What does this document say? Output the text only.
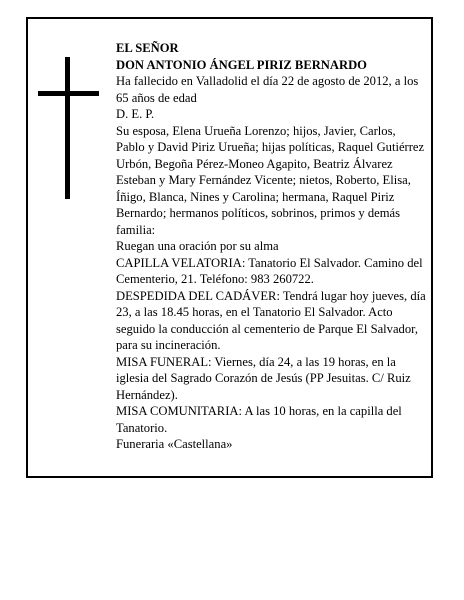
EL SEÑOR

DON ANTONIO ÁNGEL PIRIZ BERNARDO

Ha fallecido en Valladolid el día 22 de agosto de 2012, a los 65 años de edad

D. E. P.

Su esposa, Elena Urueña Lorenzo; hijos, Javier, Carlos, Pablo y David Piriz Urueña; hijas políticas, Raquel Gutiérrez Urbón, Begoña Pérez-Moneo Agapito, Beatriz Álvarez Esteban y Mary Fernández Vicente; nietos, Roberto, Elisa, Íñigo, Blanca, Nines y Carolina; hermana, Raquel Piriz Bernardo; hermanos políticos, sobrinos, primos y demás familia:

Ruegan una oración por su alma

CAPILLA VELATORIA: Tanatorio El Salvador. Camino del Cementerio, 21. Teléfono: 983 260722.

DESPEDIDA DEL CADÁVER: Tendrá lugar hoy jueves, día 23, a las 18.45 horas, en el Tanatorio El Salvador. Acto seguido la conducción al cementerio de Parque El Salvador, para su incineración.

MISA FUNERAL: Viernes, día 24, a las 19 horas, en la iglesia del Sagrado Corazón de Jesús (PP Jesuitas. C/ Ruiz Hernández).

MISA COMUNITARIA: A las 10 horas, en la capilla del Tanatorio.

Funeraria «Castellana»
